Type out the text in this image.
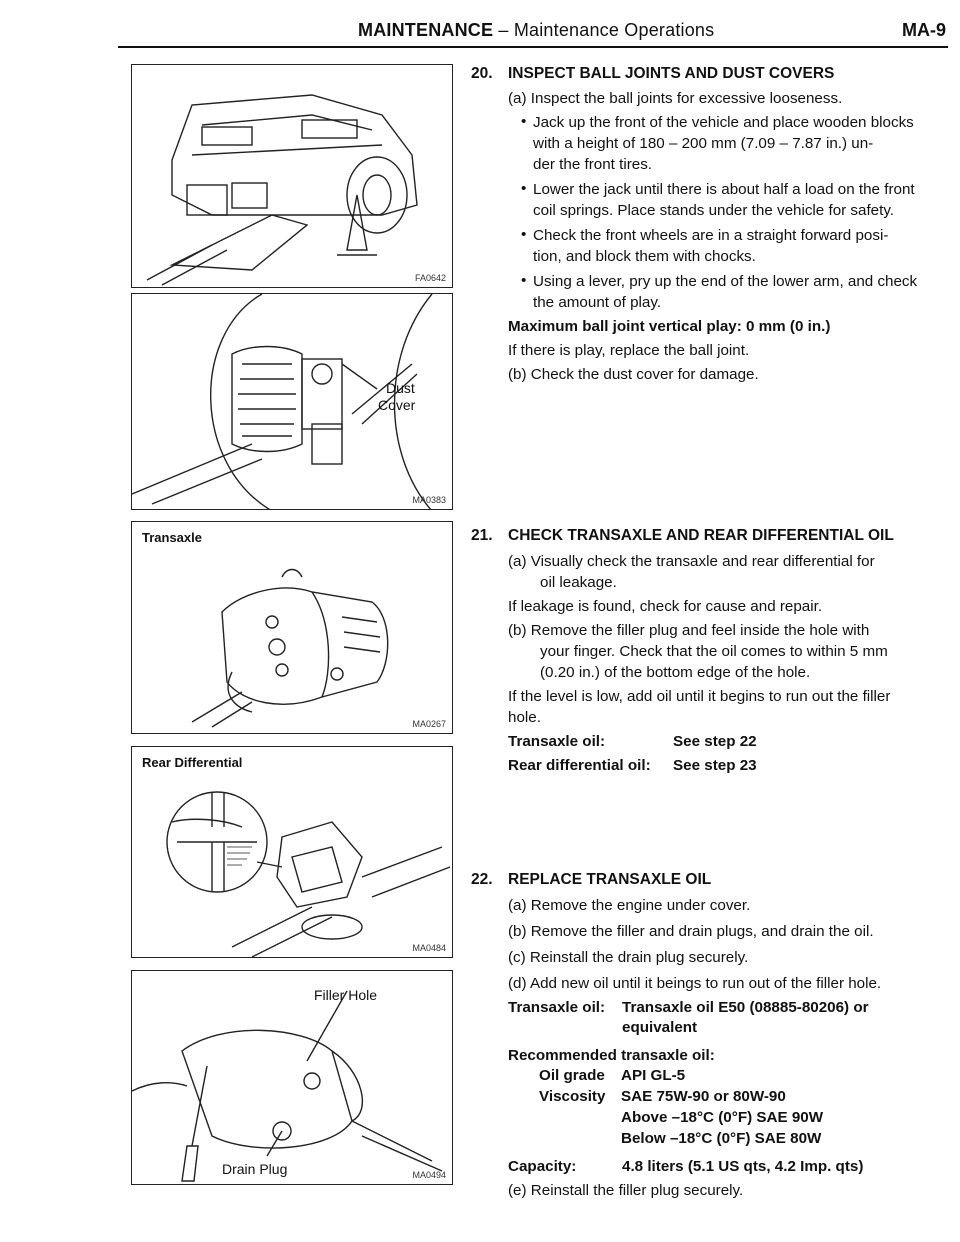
MAINTENANCE – Maintenance Operations	MA-9
FA0642
Dust
Cover
MA0383
Transaxle
MA0267
Rear Differential
MA0484
Filler Hole
Drain Plug	MA0494
20. INSPECT BALL JOINTS AND DUST COVERS
(a) Inspect the ball joints for excessive looseness.
• Jack up the front of the vehicle and place wooden blocks
with a height of 180 – 200 mm (7.09 – 7.87 in.) un-
der the front tires.
• Lower the jack until there is about half a load on the front
coil springs. Place stands under the vehicle for safety.
• Check the front wheels are in a straight forward posi-
tion, and block them with chocks.
• Using a lever, pry up the end of the lower arm, and check
the amount of play.
Maximum ball joint vertical play: 0 mm (0 in.)
If there is play, replace the ball joint.
(b) Check the dust cover for damage.
21. CHECK TRANSAXLE AND REAR DIFFERENTIAL OIL
(a) Visually check the transaxle and rear differential for
oil leakage.
If leakage is found, check for cause and repair.
(b) Remove the filler plug and feel inside the hole with
your finger. Check that the oil comes to within 5 mm
(0.20 in.) of the bottom edge of the hole.
If the level is low, add oil until it begins to run out the filler
hole.
Transaxle oil:	See step 22
Rear differential oil: See step 23
22. REPLACE TRANSAXLE OIL
(a) Remove the engine under cover.
(b) Remove the filler and drain plugs, and drain the oil.
(c) Reinstall the drain plug securely.
(d) Add new oil until it beings to run out of the filler hole.
Transaxle oil: Transaxle oil E50 (08885-80206) or
equivalent
Recommended transaxle oil:
Oil grade API GL-5
Viscosity SAE 75W-90 or 80W-90
Above –18°C (0°F) SAE 90W
Below –18°C (0°F) SAE 80W
Capacity:	4.8 liters (5.1 US qts, 4.2 Imp. qts)
(e) Reinstall the filler plug securely.
